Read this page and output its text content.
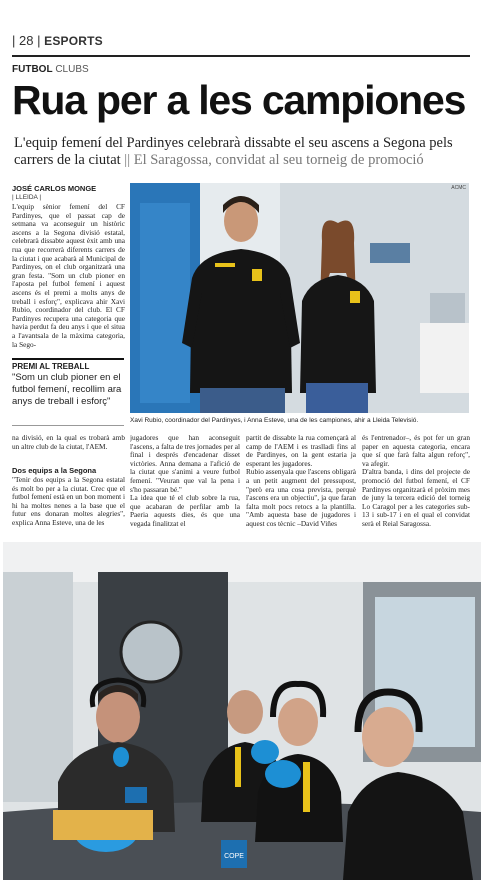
| 28 | ESPORTS
FUTBOL CLUBS
Rua per a les campiones
L'equip femení del Pardinyes celebrarà dissabte el seu ascens a Segona pels carrers de la ciutat || El Saragossa, convidat al seu torneig de promoció
JOSÉ CARLOS MONGE
| LLEIDA |
L'equip sènior femení del CF Pardinyes, que el passat cap de setmana va aconseguir un històric ascens a la Segona divisió estatal, celebrarà dissabte aquest èxit amb una rua que recorrerà diferents carrers de la ciutat i que acabarà al Municipal de Pardinyes, on el club organitzarà una gran festa. "Som un club pioner en l'aposta pel futbol femení i aquest ascens és el premi a molts anys de treball i esforç", explicava ahir Xavi Rubio, coordinador del club. El CF Pardinyes recupera una categoria que havia perdut fa deu anys i que el situa a l'avantsala de la màxima categoria, la Sego-
PREMI AL TREBALL
"Som un club pioner en el futbol femení, recollim ara anys de treball i esforç"
ACMC
Xavi Rubio, coordinador del Pardinyes, i Anna Esteve, una de les campiones, ahir a Lleida Televisió.
na divisió, en la qual es trobarà amb un altre club de la ciutat, l'AEM.
Dos equips a la Segona
"Tenir dos equips a la Segona estatal és molt bo per a la ciutat. Crec que el futbol femení està en un bon moment i hi ha moltes nenes a la base que el futur ens donaran moltes alegries", explica Anna Esteve, una de les
jugadores que han aconseguit l'ascens, a falta de tres jornades per al final i després d'encadenar disset victòries. Anna demana a l'afició de la ciutat que s'animi a veure futbol femení. "Veuran que val la pena i s'ho passaran bé."
La idea que té el club sobre la rua, que acabaran de perfilar amb la Paeria aquests dies, és que una vegada finalitzat el
partit de dissabte la rua començarà al camp de l'AEM i es traslladi fins al de Pardinyes, on la gent estaria ja esperant les jugadores.
Rubio assenyala que l'ascens obligarà a un petit augment del pressupost, "però era una cosa prevista, perquè l'ascens era un objectiu", ja que faran falta molt pocs retocs a la plantilla. "Amb aquesta base de jugadores i aquest cos tècnic –David Viñes
és l'entrenador–, és pot fer un gran paper en aquesta categoria, encara que sí que farà falta algun reforç", va afegir.
D'altra banda, i dins del projecte de promoció del futbol femení, el CF Pardinyes organitzarà el pròxim mes de juny la tercera edició del torneig Lo Caragol per a les categories sub-13 i sub-17 i en el qual el convidat serà el Reial Saragossa.
COPE
